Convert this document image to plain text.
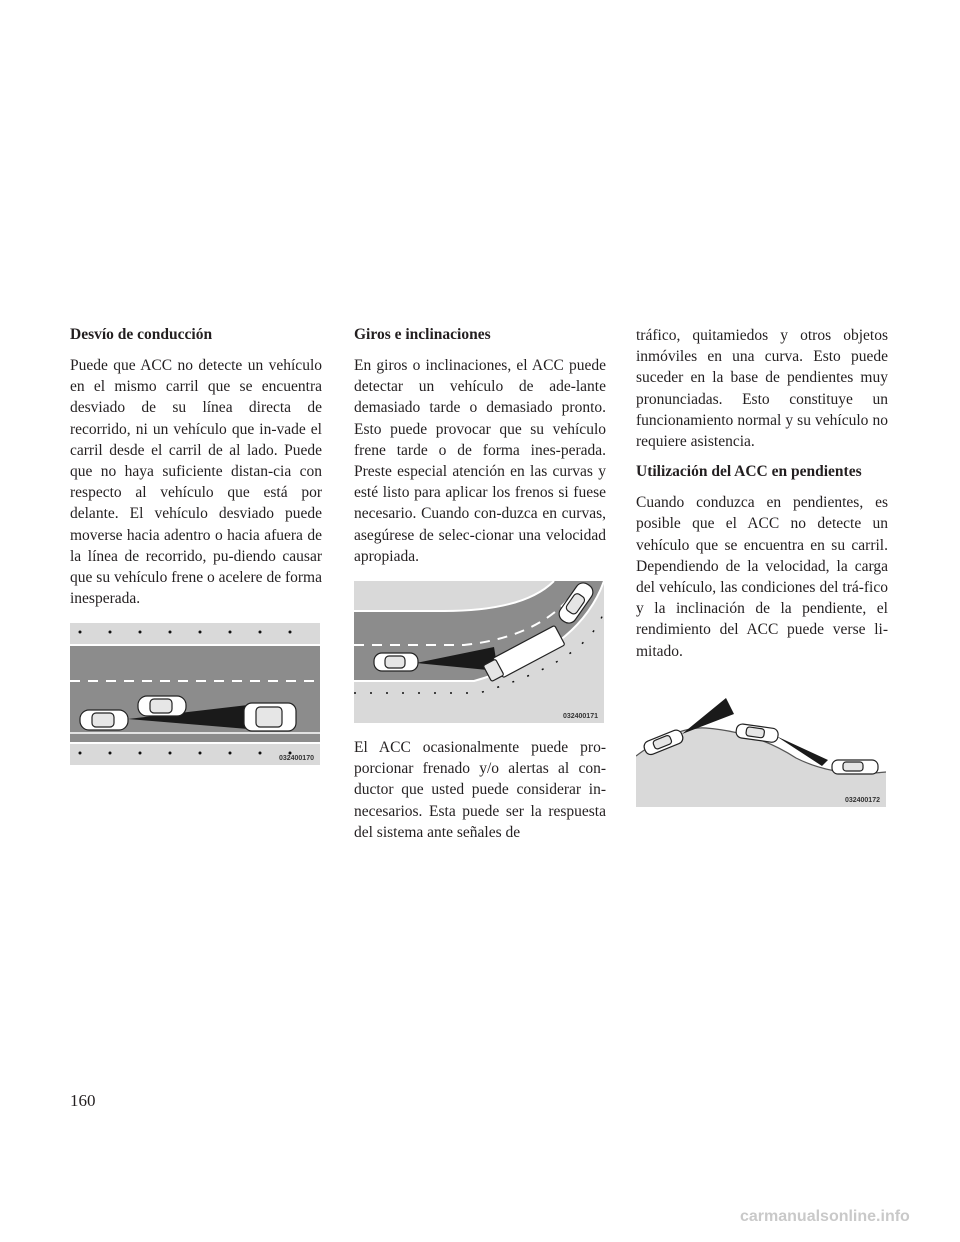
Desvío de conducción

Puede que ACC no detecte un vehículo en el mismo carril que se encuentra desviado de su línea directa de recorrido, ni un vehículo que in-vade el carril desde el carril de al lado. Puede que no haya suficiente distan-cia con respecto al vehículo que está por delante. El vehículo desviado puede moverse hacia adentro o hacia afuera de la línea de recorrido, pu-diendo causar que su vehículo frene o acelere de forma inesperada.

032400170
Giros e inclinaciones

En giros o inclinaciones, el ACC puede detectar un vehículo de ade-lante demasiado tarde o demasiado pronto. Esto puede provocar que su vehículo frene tarde o de forma ines-perada. Preste especial atención en las curvas y esté listo para aplicar los frenos si fuese necesario. Cuando con-duzca en curvas, asegúrese de selec-cionar una velocidad apropiada.

032400171

El ACC ocasionalmente puede pro-porcionar frenado y/o alertas al con-ductor que usted puede considerar in-necesarios. Esta puede ser la respuesta del sistema ante señales de

tráfico, quitamiedos y otros objetos inmóviles en una curva. Esto puede suceder en la base de pendientes muy pronunciadas. Esto constituye un funcionamiento normal y su vehículo no requiere asistencia.

Utilización del ACC en pendientes

Cuando conduzca en pendientes, es posible que el ACC no detecte un vehículo que se encuentra en su carril. Dependiendo de la velocidad, la carga del vehículo, las condiciones del trá-fico y la inclinación de la pendiente, el rendimiento del ACC puede verse li-mitado.

032400172
160
carmanualsonline.info
